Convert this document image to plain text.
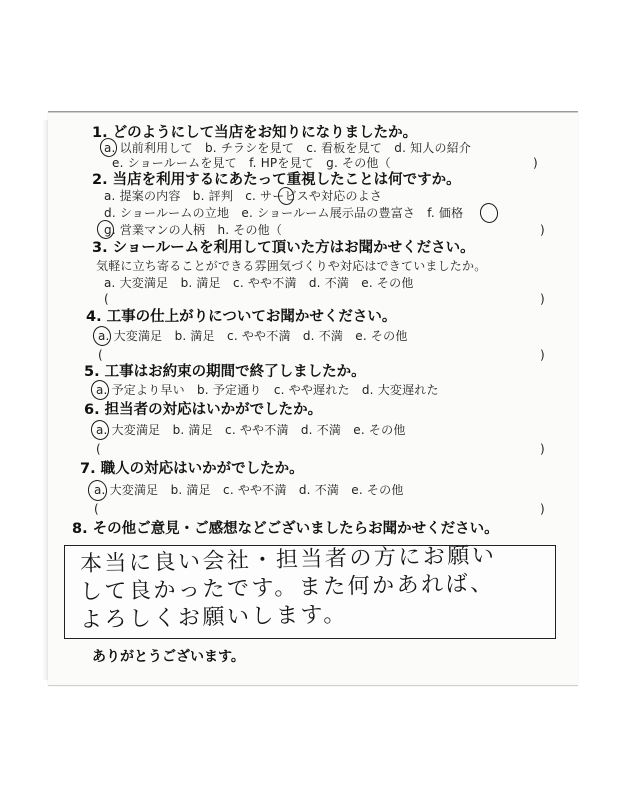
1. どのようにして当店をお知りになりましたか。
a. 以前利用して　b. チラシを見て　c. 看板を見て　d. 知人の紹介
e. ショールームを見て　f. HPを見て　g. その他（	)
2. 当店を利用するにあたって重視したことは何ですか。
a. 提案の内容　b. 評判　c. サービスや対応のよさ
d. ショールームの立地　e. ショールーム展示品の豊富さ　f. 価格
g. 営業マンの人柄　h. その他（	)
3. ショールームを利用して頂いた方はお聞かせください。
気軽に立ち寄ることができる雰囲気づくりや対応はできていましたか。
a. 大変満足　b. 満足　c. やや不満　d. 不満　e. その他
(	)
4. 工事の仕上がりについてお聞かせください。
a. 大変満足　b. 満足　c. やや不満　d. 不満　e. その他
(	)
5. 工事はお約束の期間で終了しましたか。
a. 予定より早い　b. 予定通り　c. やや遅れた　d. 大変遅れた
6. 担当者の対応はいかがでしたか。
a. 大変満足　b. 満足　c. やや不満　d. 不満　e. その他
(	)
7. 職人の対応はいかがでしたか。
a. 大変満足　b. 満足　c. やや不満　d. 不満　e. その他
(	)
8. その他ご意見・ご感想などございましたらお聞かせください。
本当に良い会社・担当者の方にお願い
して良かったです。また何かあれば、
よろしくお願いします。
ありがとうございます。
